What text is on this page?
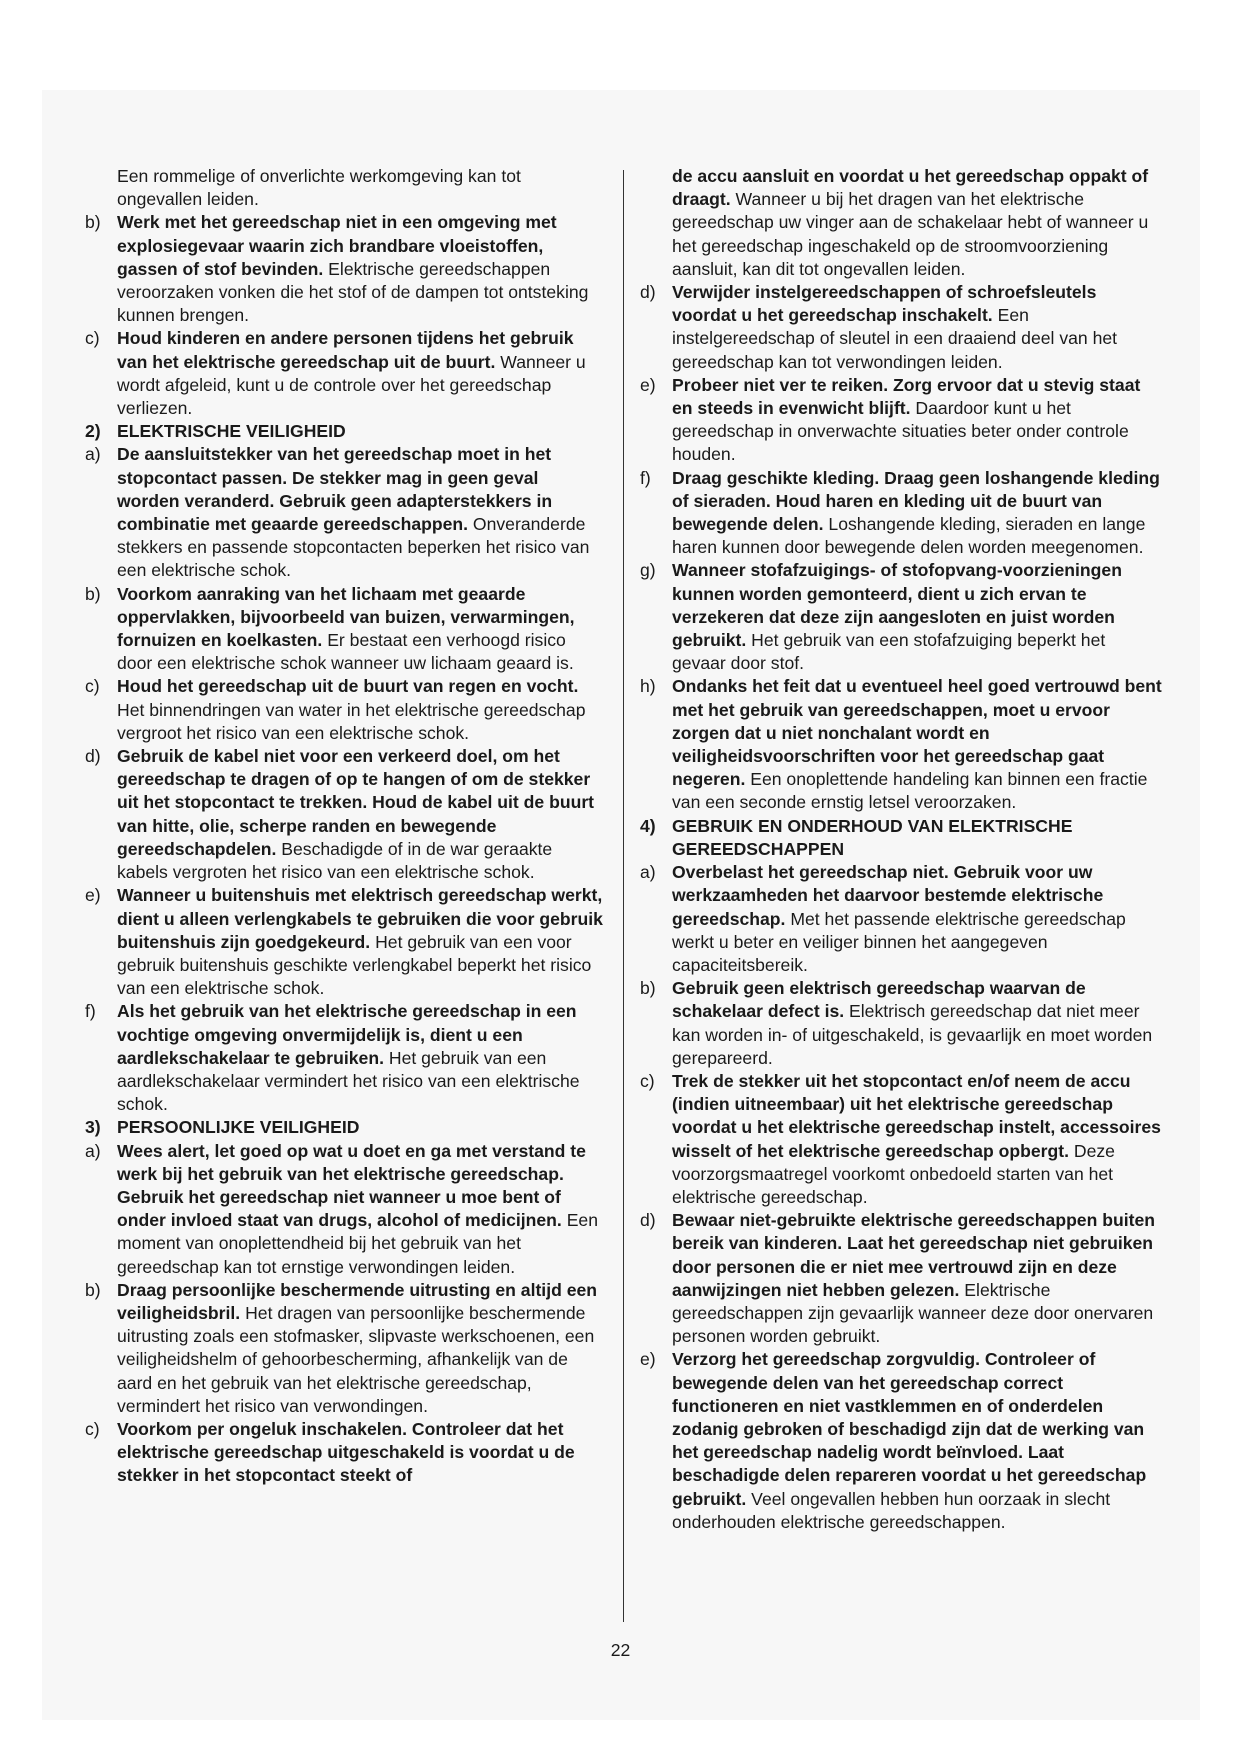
Een rommelige of onverlichte werkomgeving kan tot ongevallen leiden.
b) Werk met het gereedschap niet in een omgeving met explosiegevaar waarin zich brandbare vloeistoffen, gassen of stof bevinden. Elektrische gereedschappen veroorzaken vonken die het stof of de dampen tot ontsteking kunnen brengen.
c) Houd kinderen en andere personen tijdens het gebruik van het elektrische gereedschap uit de buurt. Wanneer u wordt afgeleid, kunt u de controle over het gereedschap verliezen.
2) ELEKTRISCHE VEILIGHEID
a) De aansluitstekker van het gereedschap moet in het stopcontact passen. De stekker mag in geen geval worden veranderd. Gebruik geen adapterstekkers in combinatie met geaarde gereedschappen. Onveranderde stekkers en passende stopcontacten beperken het risico van een elektrische schok.
b) Voorkom aanraking van het lichaam met geaarde oppervlakken, bijvoorbeeld van buizen, verwarmingen, fornuizen en koelkasten. Er bestaat een verhoogd risico door een elektrische schok wanneer uw lichaam geaard is.
c) Houd het gereedschap uit de buurt van regen en vocht. Het binnendringen van water in het elektrische gereedschap vergroot het risico van een elektrische schok.
d) Gebruik de kabel niet voor een verkeerd doel, om het gereedschap te dragen of op te hangen of om de stekker uit het stopcontact te trekken. Houd de kabel uit de buurt van hitte, olie, scherpe randen en bewegende gereedschapdelen. Beschadigde of in de war geraakte kabels vergroten het risico van een elektrische schok.
e) Wanneer u buitenshuis met elektrisch gereedschap werkt, dient u alleen verlengkabels te gebruiken die voor gebruik buitenshuis zijn goedgekeurd. Het gebruik van een voor gebruik buitenshuis geschikte verlengkabel beperkt het risico van een elektrische schok.
f) Als het gebruik van het elektrische gereedschap in een vochtige omgeving onvermijdelijk is, dient u een aardlekschakelaar te gebruiken. Het gebruik van een aardlekschakelaar vermindert het risico van een elektrische schok.
3) PERSOONLIJKE VEILIGHEID
a) Wees alert, let goed op wat u doet en ga met verstand te werk bij het gebruik van het elektrische gereedschap. Gebruik het gereedschap niet wanneer u moe bent of onder invloed staat van drugs, alcohol of medicijnen. Een moment van onoplettendheid bij het gebruik van het gereedschap kan tot ernstige verwondingen leiden.
b) Draag persoonlijke beschermende uitrusting en altijd een veiligheidsbril. Het dragen van persoonlijke beschermende uitrusting zoals een stofmasker, slipvaste werkschoenen, een veiligheidshelm of gehoorbescherming, afhankelijk van de aard en het gebruik van het elektrische gereedschap, vermindert het risico van verwondingen.
c) Voorkom per ongeluk inschakelen. Controleer dat het elektrische gereedschap uitgeschakeld is voordat u de stekker in het stopcontact steekt of
de accu aansluit en voordat u het gereedschap oppakt of draagt. Wanneer u bij het dragen van het elektrische gereedschap uw vinger aan de schakelaar hebt of wanneer u het gereedschap ingeschakeld op de stroomvoorziening aansluit, kan dit tot ongevallen leiden.
d) Verwijder instelgereedschappen of schroefsleutels voordat u het gereedschap inschakelt. Een instelgereedschap of sleutel in een draaiend deel van het gereedschap kan tot verwondingen leiden.
e) Probeer niet ver te reiken. Zorg ervoor dat u stevig staat en steeds in evenwicht blijft. Daardoor kunt u het gereedschap in onverwachte situaties beter onder controle houden.
f) Draag geschikte kleding. Draag geen loshangende kleding of sieraden. Houd haren en kleding uit de buurt van bewegende delen. Loshangende kleding, sieraden en lange haren kunnen door bewegende delen worden meegenomen.
g) Wanneer stofafzuigings- of stofopvang-voorzieningen kunnen worden gemonteerd, dient u zich ervan te verzekeren dat deze zijn aangesloten en juist worden gebruikt. Het gebruik van een stofafzuiging beperkt het gevaar door stof.
h) Ondanks het feit dat u eventueel heel goed vertrouwd bent met het gebruik van gereedschappen, moet u ervoor zorgen dat u niet nonchalant wordt en veiligheidsvoorschriften voor het gereedschap gaat negeren. Een onoplettende handeling kan binnen een fractie van een seconde ernstig letsel veroorzaken.
4) GEBRUIK EN ONDERHOUD VAN ELEKTRISCHE GEREEDSCHAPPEN
a) Overbelast het gereedschap niet. Gebruik voor uw werkzaamheden het daarvoor bestemde elektrische gereedschap. Met het passende elektrische gereedschap werkt u beter en veiliger binnen het aangegeven capaciteitsbereik.
b) Gebruik geen elektrisch gereedschap waarvan de schakelaar defect is. Elektrisch gereedschap dat niet meer kan worden in- of uitgeschakeld, is gevaarlijk en moet worden gerepareerd.
c) Trek de stekker uit het stopcontact en/of neem de accu (indien uitneembaar) uit het elektrische gereedschap voordat u het elektrische gereedschap instelt, accessoires wisselt of het elektrische gereedschap opbergt. Deze voorzorgsmaatregel voorkomt onbedoeld starten van het elektrische gereedschap.
d) Bewaar niet-gebruikte elektrische gereedschappen buiten bereik van kinderen. Laat het gereedschap niet gebruiken door personen die er niet mee vertrouwd zijn en deze aanwijzingen niet hebben gelezen. Elektrische gereedschappen zijn gevaarlijk wanneer deze door onervaren personen worden gebruikt.
e) Verzorg het gereedschap zorgvuldig. Controleer of bewegende delen van het gereedschap correct functioneren en niet vastklemmen en of onderdelen zodanig gebroken of beschadigd zijn dat de werking van het gereedschap nadelig wordt beïnvloed. Laat beschadigde delen repareren voordat u het gereedschap gebruikt. Veel ongevallen hebben hun oorzaak in slecht onderhouden elektrische gereedschappen.
22
